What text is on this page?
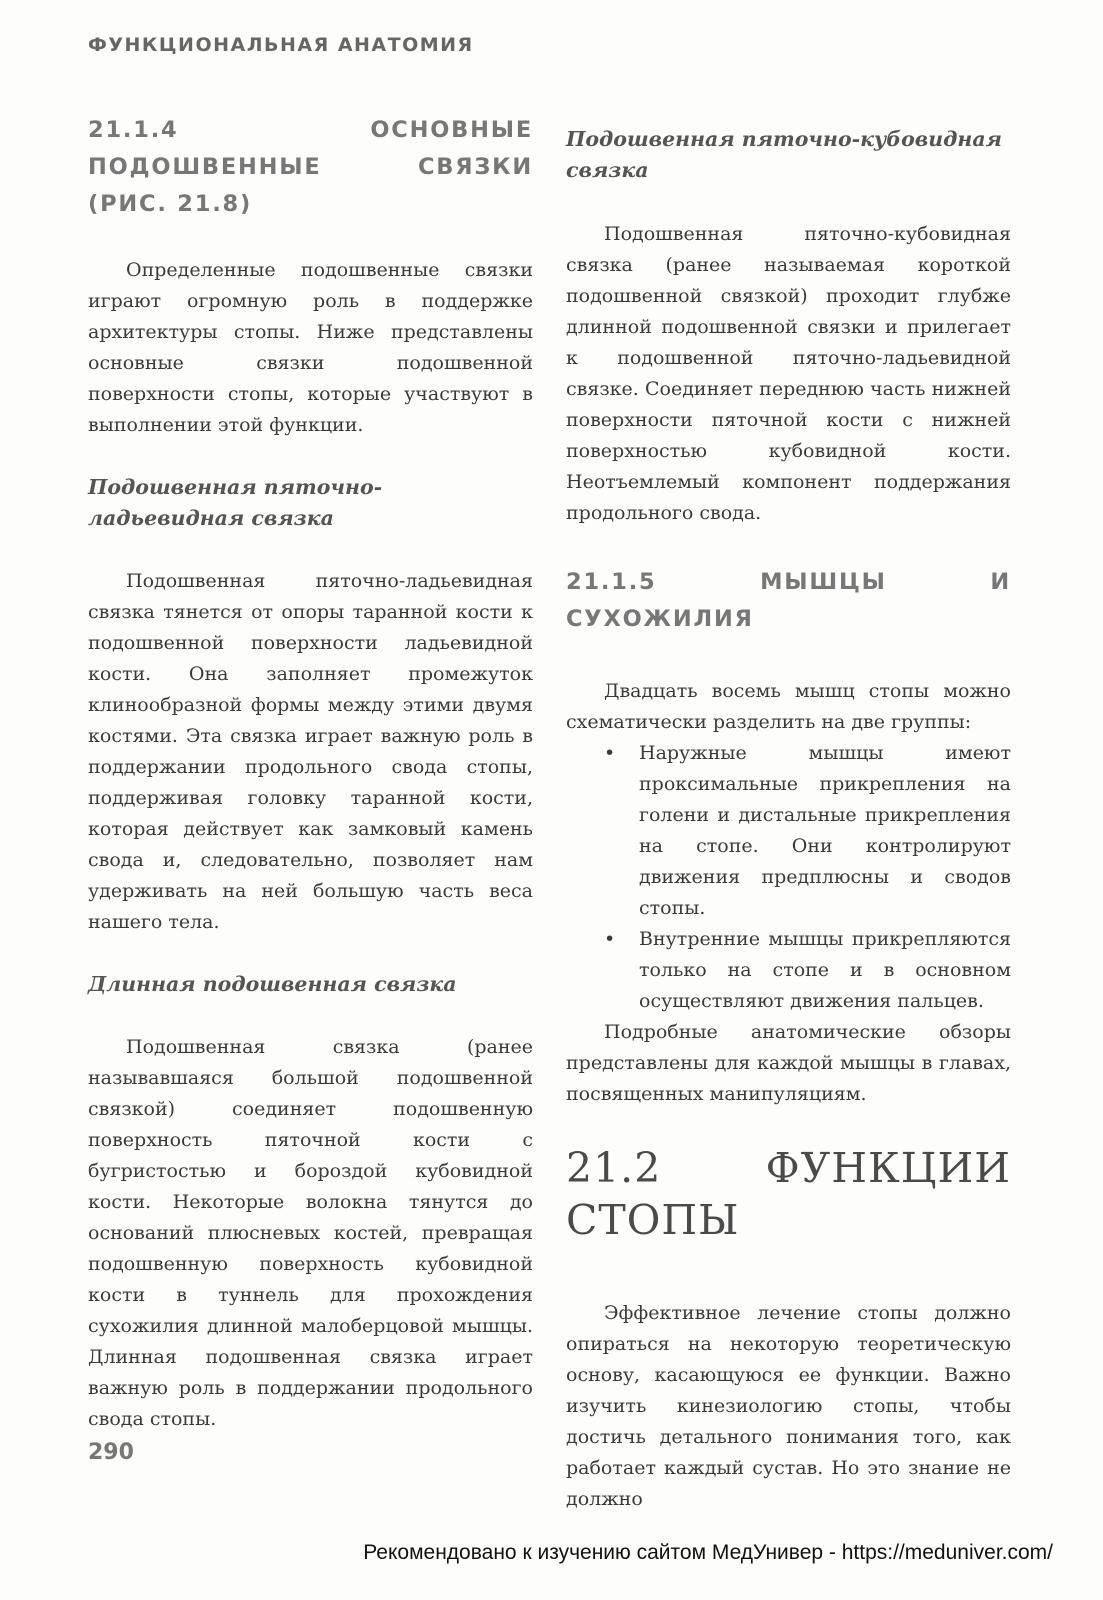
ФУНКЦИОНАЛЬНАЯ АНАТОМИЯ
21.1.4 ОСНОВНЫЕ ПОДОШВЕННЫЕ СВЯЗКИ (РИС. 21.8)

Определенные подошвенные связки играют огромную роль в поддержке архитектуры стопы. Ниже представлены основные связки подошвенной поверхности стопы, которые участвуют в выполнении этой функции.

Подошвенная пяточно-ладьевидная связка

Подошвенная пяточно-ладьевидная связка тянется от опоры таранной кости к подошвенной поверхности ладьевидной кости. Она заполняет промежуток клинообразной формы между этими двумя костями. Эта связка играет важную роль в поддержании продольного свода стопы, поддерживая головку таранной кости, которая действует как замковый камень свода и, следовательно, позволяет нам удерживать на ней большую часть веса нашего тела.

Длинная подошвенная связка

Подошвенная связка (ранее называвшаяся большой подошвенной связкой) соединяет подошвенную поверхность пяточной кости с бугристостью и бороздой кубовидной кости. Некоторые волокна тянутся до оснований плюсневых костей, превращая подошвенную поверхность кубовидной кости в туннель для прохождения сухожилия длинной малоберцовой мышцы. Длинная подошвенная связка играет важную роль в поддержании продольного свода стопы.

Подошвенная пяточно-кубовидная связка

Подошвенная пяточно-кубовидная связка (ранее называемая короткой подошвенной связкой) проходит глубже длинной подошвенной связки и прилегает к подошвенной пяточно-ладьевидной связке. Соединяет переднюю часть нижней поверхности пяточной кости с нижней поверхностью кубовидной кости. Неотъемлемый компонент поддержания продольного свода.

21.1.5 МЫШЦЫ И СУХОЖИЛИЯ

Двадцать восемь мышц стопы можно схематически разделить на две группы:

• Наружные мышцы имеют проксимальные прикрепления на голени и дистальные прикрепления на стопе. Они контролируют движения предплюсны и сводов стопы.
• Внутренние мышцы прикрепляются только на стопе и в основном осуществляют движения пальцев.

Подробные анатомические обзоры представлены для каждой мышцы в главах, посвященных манипуляциям.

21.2 ФУНКЦИИ СТОПЫ

Эффективное лечение стопы должно опираться на некоторую теоретическую основу, касающуюся ее функции. Важно изучить кинезиологию стопы, чтобы достичь детального понимания того, как работает каждый сустав. Но это знание не должно

290
Рекомендовано к изучению сайтом МедУнивер - https://meduniver.com/
